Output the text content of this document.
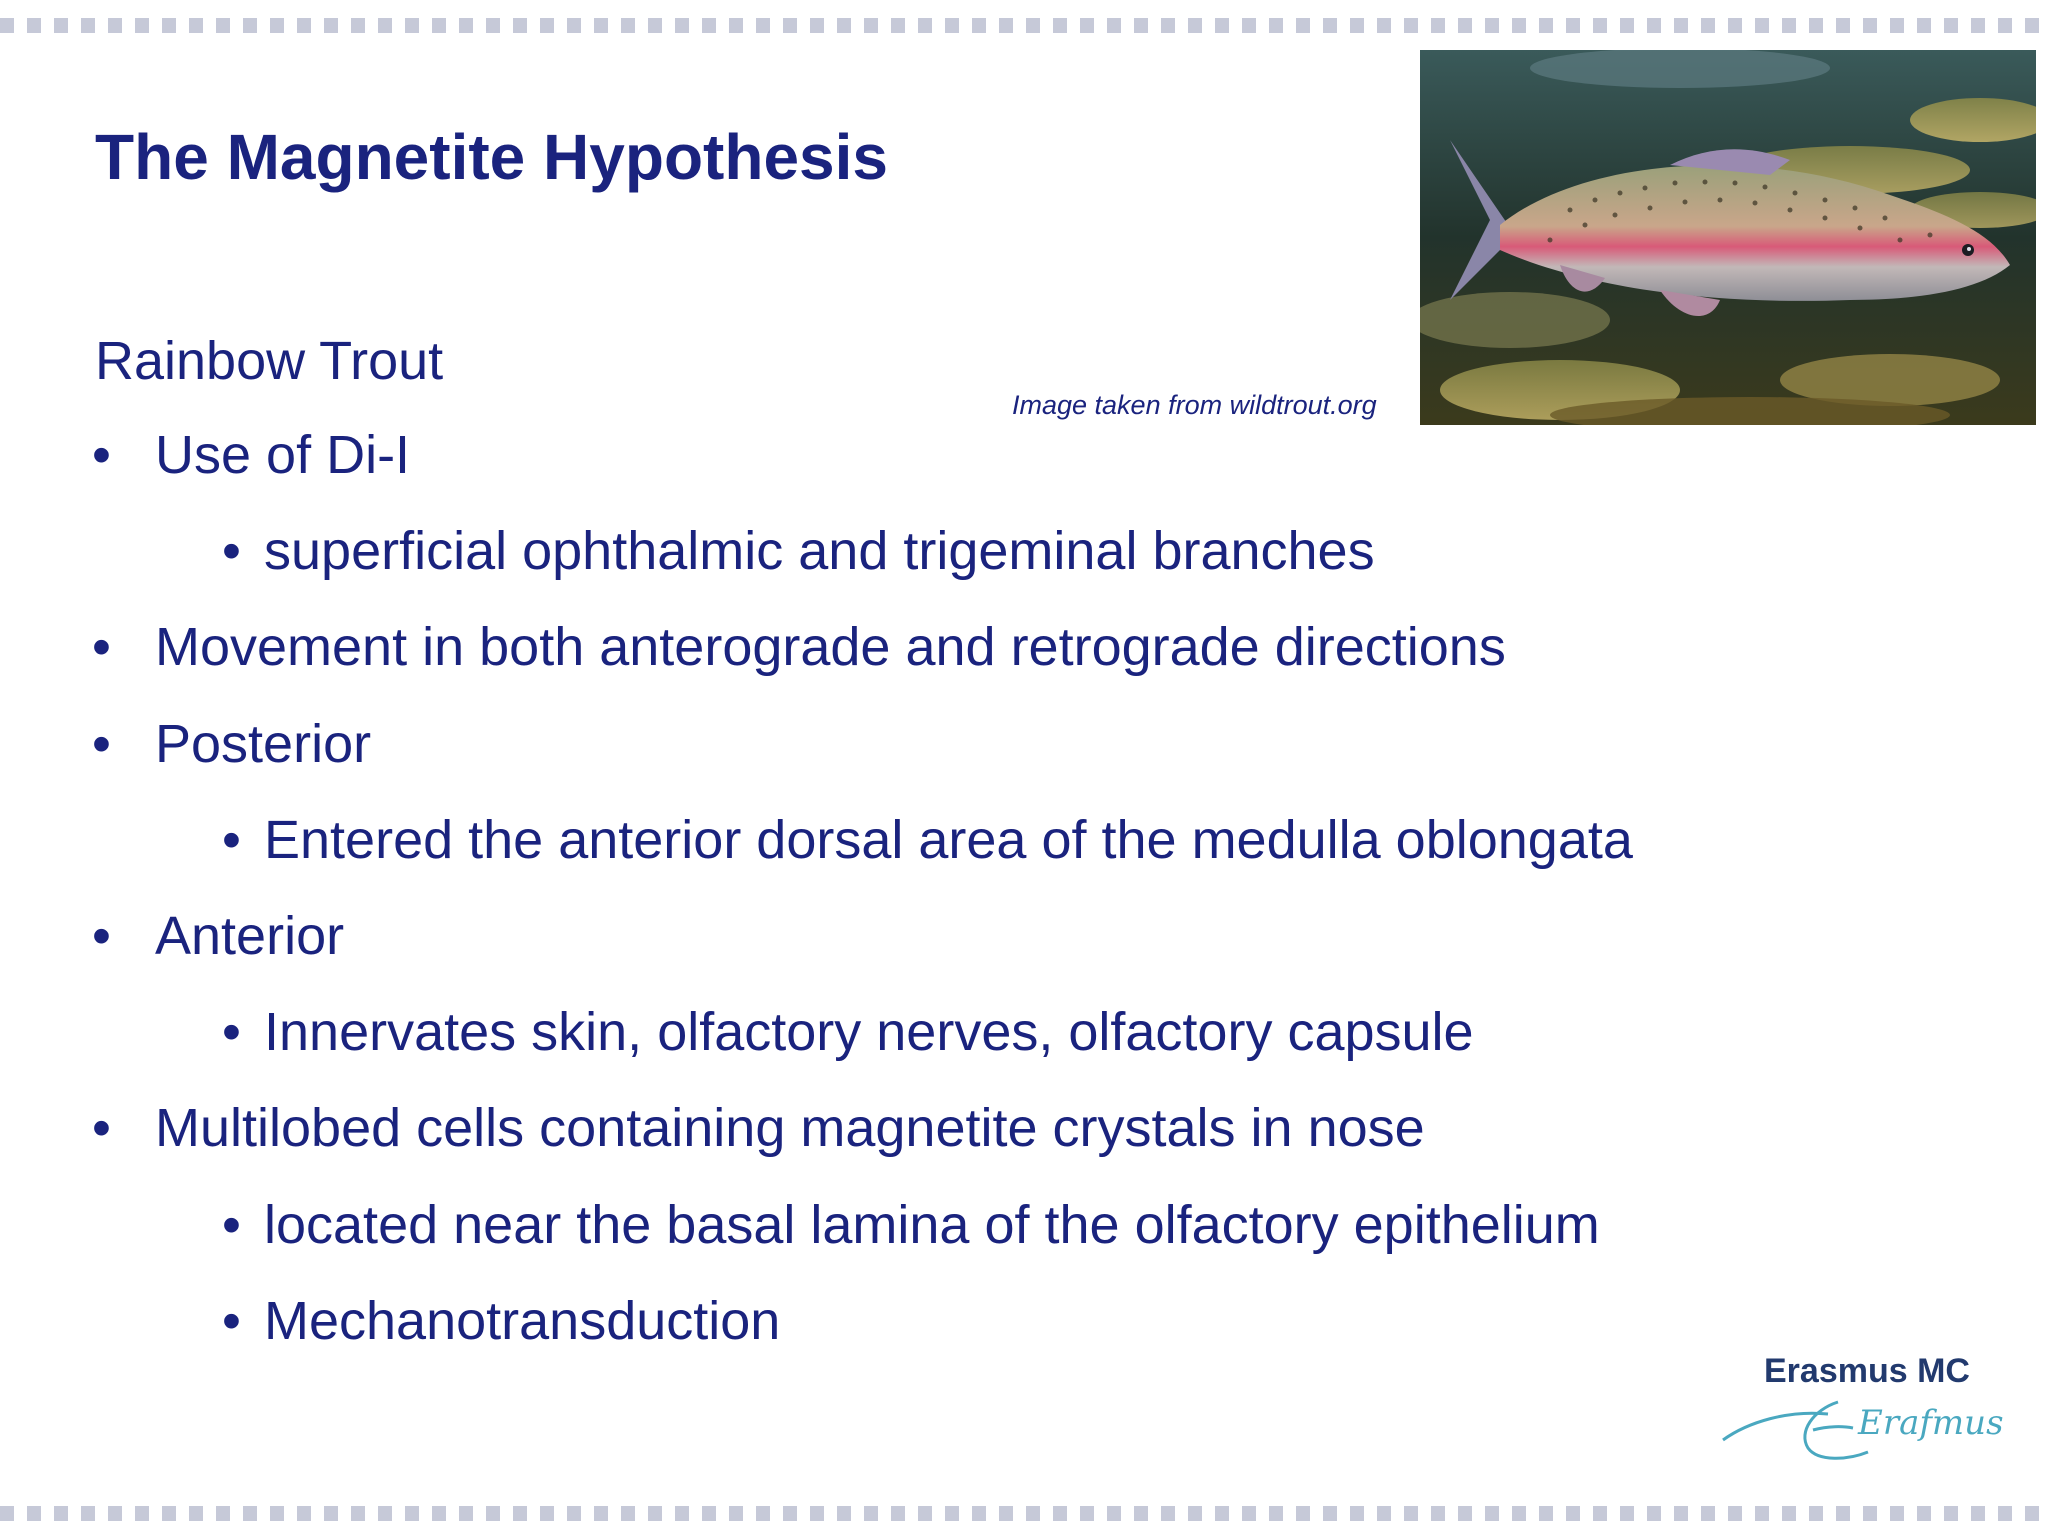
The Magnetite Hypothesis
Rainbow Trout
Image taken from wildtrout.org
• Use of Di-I
• superficial ophthalmic and trigeminal branches
• Movement in both anterograde and retrograde directions
• Posterior
• Entered the anterior dorsal area of the medulla oblongata
• Anterior
• Innervates skin, olfactory nerves, olfactory capsule
• Multilobed cells containing magnetite crystals in nose
• located near the basal lamina of the olfactory epithelium
• Mechanotransduction
Erasmus MC
Erafmus
